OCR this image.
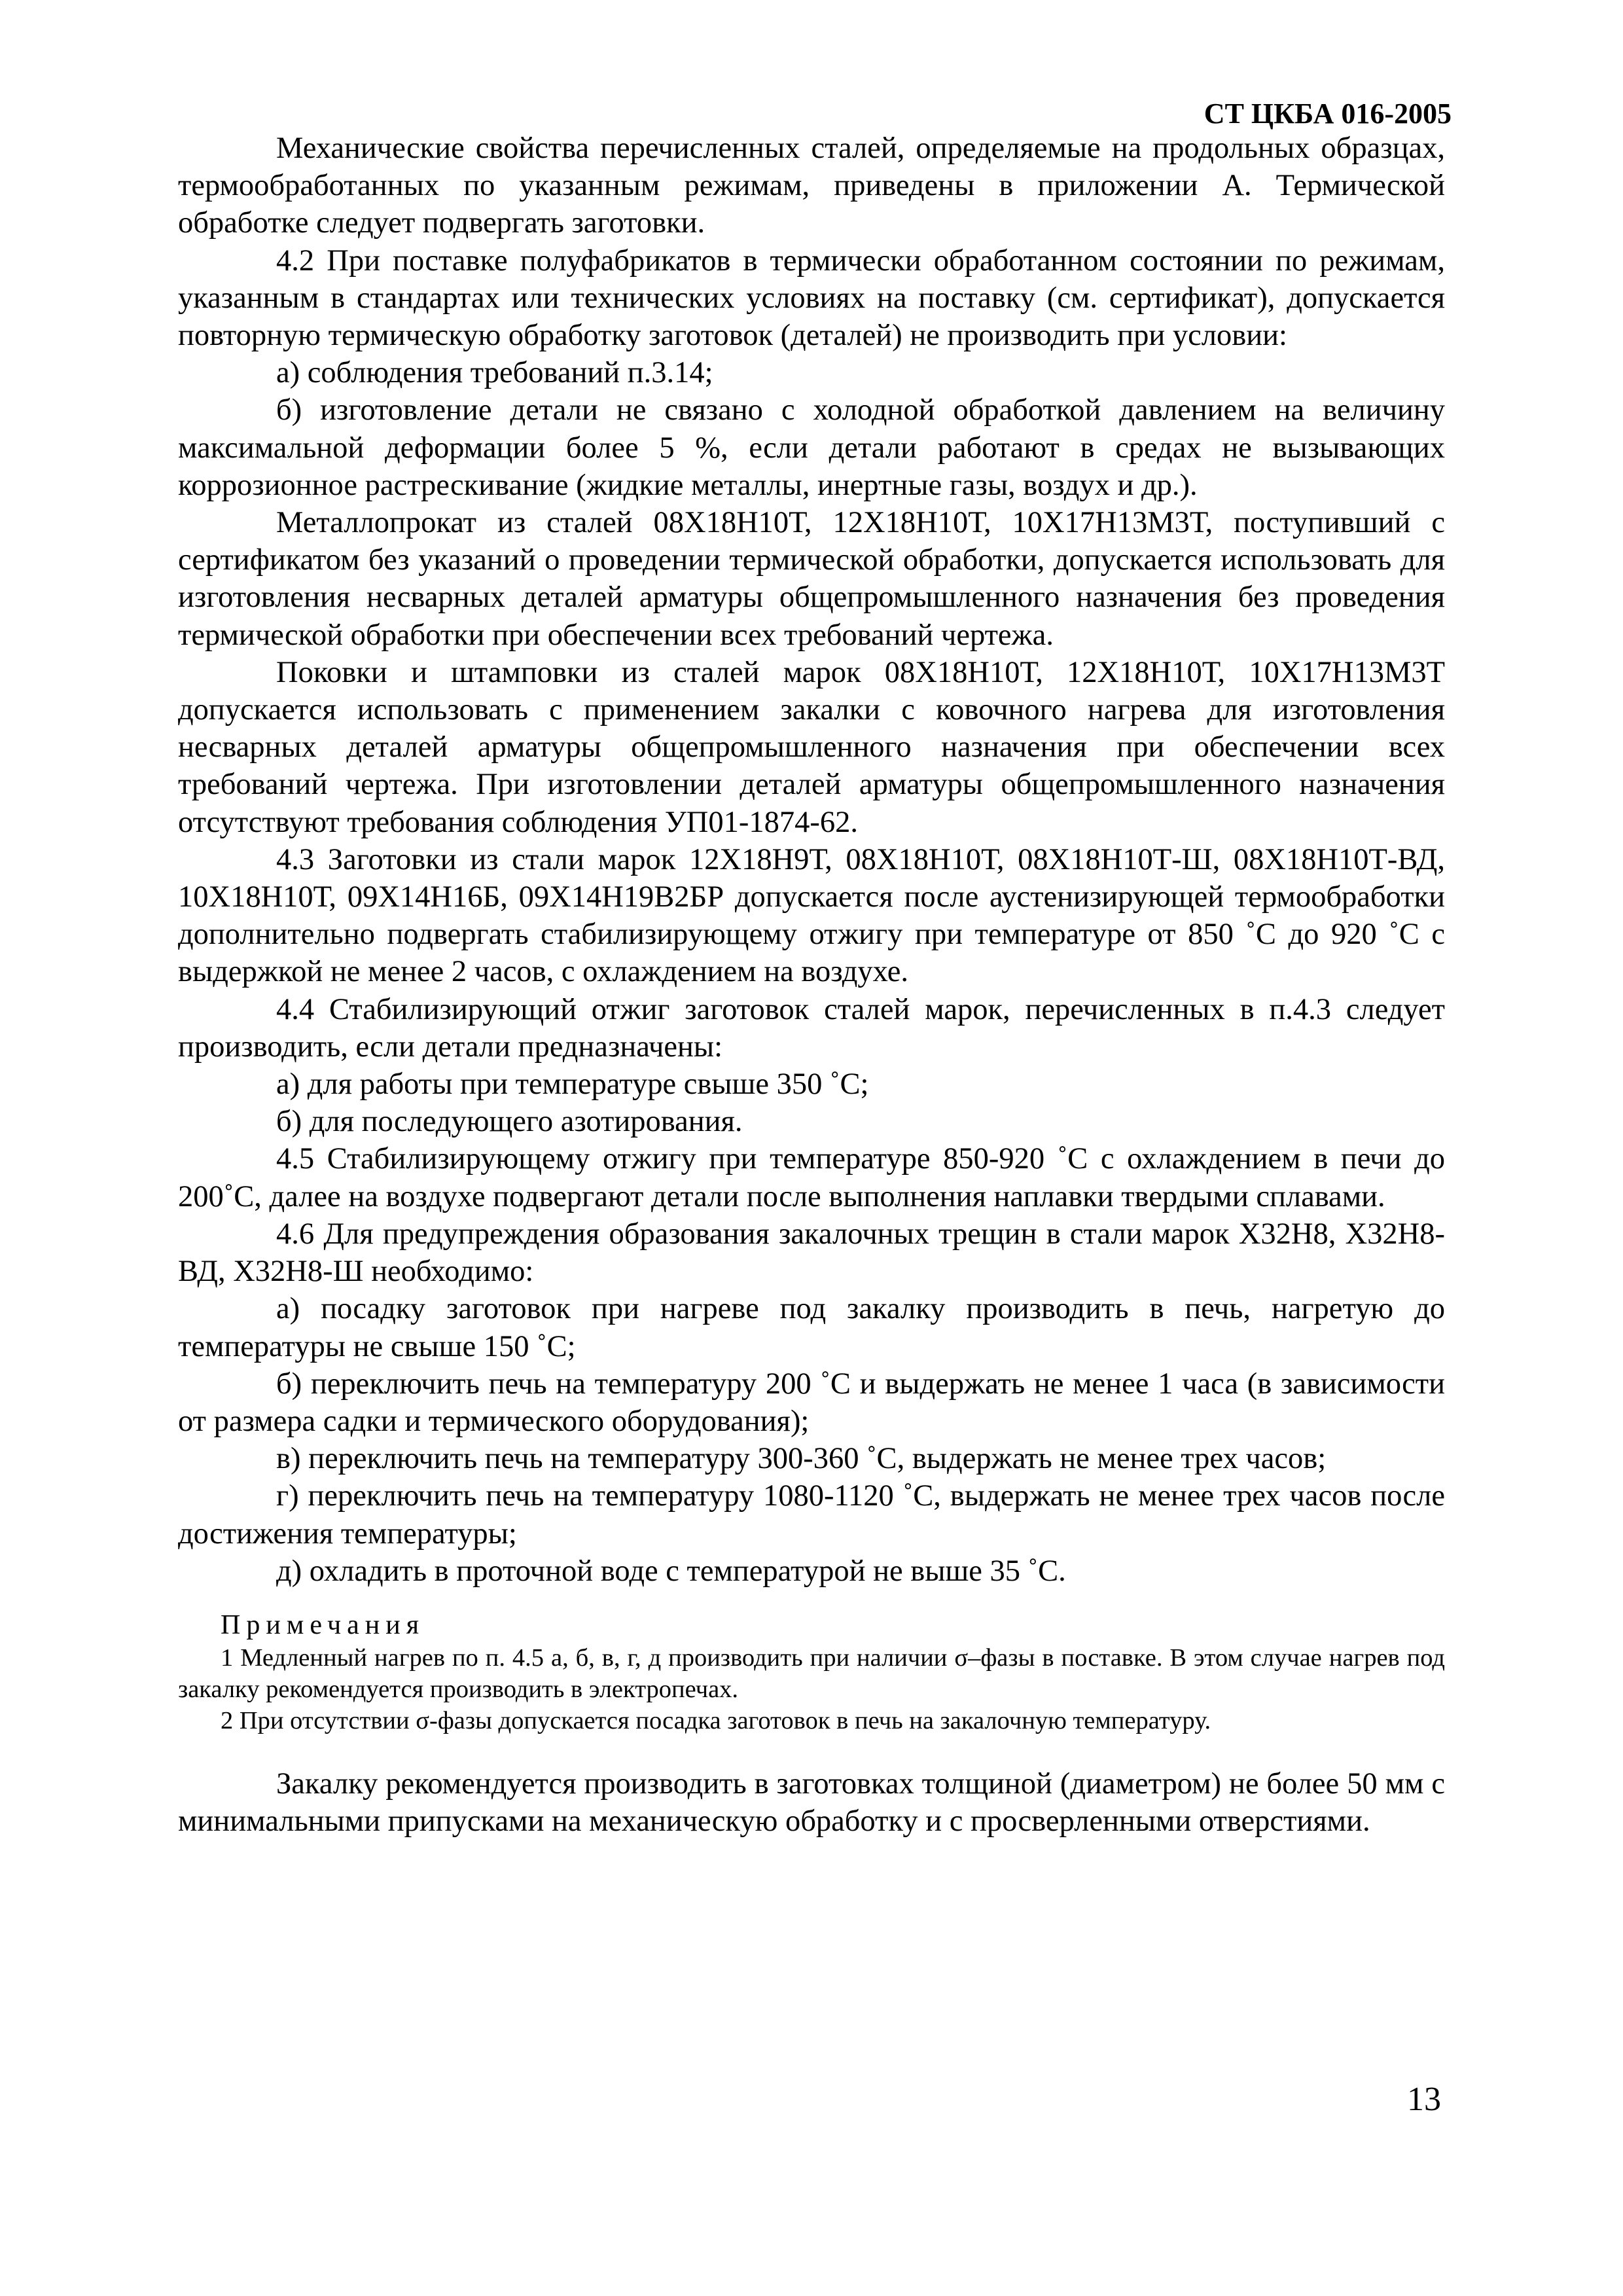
СТ ЦКБА 016-2005

Механические свойства перечисленных сталей, определяемые на продольных образцах, термообработанных по указанным режимам, приведены в приложении А. Термической обработке следует подвергать заготовки.

4.2 При поставке полуфабрикатов в термически обработанном состоянии по режимам, указанным в стандартах или технических условиях на поставку (см. сертификат), допускается повторную термическую обработку заготовок (деталей) не производить при условии:

а) соблюдения требований п.3.14;

б) изготовление детали не связано с холодной обработкой давлением на величину максимальной деформации более 5 %, если детали работают в средах не вызывающих коррозионное растрескивание (жидкие металлы, инертные газы, воздух и др.).

Металлопрокат из сталей 08Х18Н10Т, 12Х18Н10Т, 10Х17Н13М3Т, поступивший с сертификатом без указаний о проведении термической обработки, допускается использовать для изготовления несварных деталей арматуры общепромышленного назначения без проведения термической обработки при обеспечении всех требований чертежа.

Поковки и штамповки из сталей марок 08Х18Н10Т, 12Х18Н10Т, 10Х17Н13М3Т допускается использовать с применением закалки с ковочного нагрева для изготовления несварных деталей арматуры общепромышленного назначения при обеспечении всех требований чертежа. При изготовлении деталей арматуры общепромышленного назначения отсутствуют требования соблюдения УП01-1874-62.

4.3 Заготовки из стали марок 12Х18Н9Т, 08Х18Н10Т, 08Х18Н10Т-Ш, 08Х18Н10Т-ВД, 10Х18Н10Т, 09Х14Н16Б, 09Х14Н19В2БР допускается после аустенизирующей термообработки дополнительно подвергать стабилизирующему отжигу при температуре от 850 ˚С до 920 ˚С с выдержкой не менее 2 часов, с охлаждением на воздухе.

4.4 Стабилизирующий отжиг заготовок сталей марок, перечисленных в п.4.3 следует производить, если детали предназначены:

а) для работы при температуре свыше 350 ˚С;

б) для последующего азотирования.

4.5 Стабилизирующему отжигу при температуре 850-920 ˚С с охлаждением в печи до 200˚С, далее на воздухе подвергают детали после выполнения наплавки твердыми сплавами.

4.6 Для предупреждения образования закалочных трещин в стали марок Х32Н8, Х32Н8-ВД, Х32Н8-Ш необходимо:

а) посадку заготовок при нагреве под закалку производить в печь, нагретую до температуры не свыше 150 ˚С;

б) переключить печь на температуру 200 ˚С и выдержать не менее 1 часа (в зависимости от размера садки и термического оборудования);

в) переключить печь на температуру 300-360 ˚С, выдержать не менее трех часов;

г) переключить печь на температуру 1080-1120 ˚С, выдержать не менее трех часов после достижения температуры;

д) охладить в проточной воде с температурой не выше 35 ˚С.

Примечания

1 Медленный нагрев по п. 4.5 а, б, в, г, д производить при наличии σ–фазы в поставке. В этом случае нагрев под закалку рекомендуется производить в электропечах.

2 При отсутствии σ-фазы допускается посадка заготовок в печь на закалочную температуру.

Закалку рекомендуется производить в заготовках толщиной (диаметром) не более 50 мм с минимальными припусками на механическую обработку и с просверленными отверстиями.

13
